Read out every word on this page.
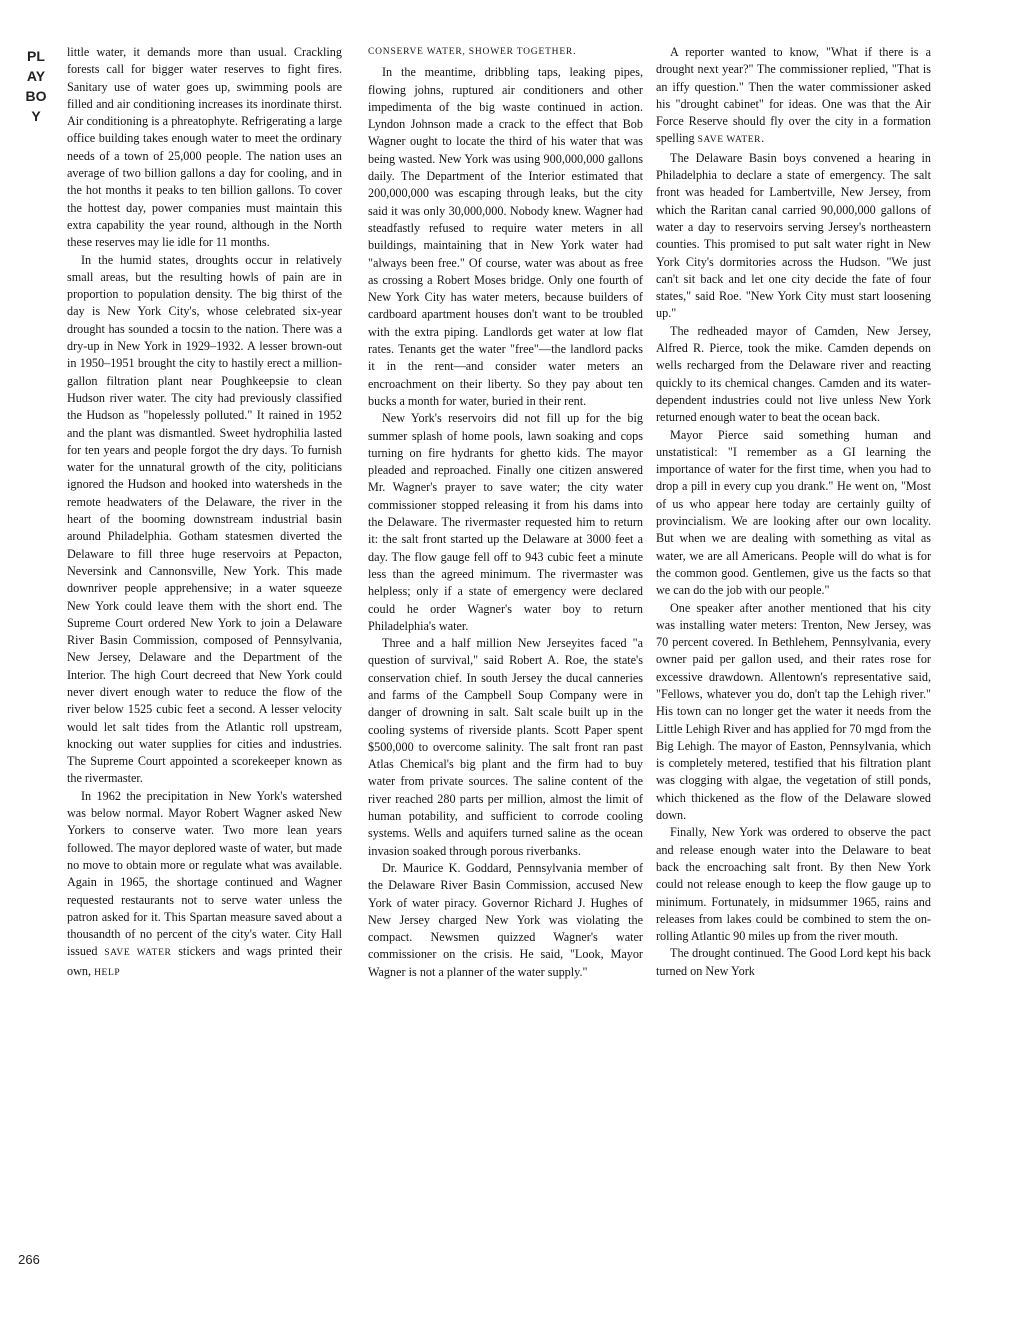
PLAYBOY
266

little water, it demands more than usual. Crackling forests call for bigger water reserves to fight fires. Sanitary use of water goes up, swimming pools are filled and air conditioning increases its inordinate thirst. Air conditioning is a phreatophyte. Refrigerating a large office building takes enough water to meet the ordinary needs of a town of 25,000 people. The nation uses an average of two billion gallons a day for cooling, and in the hot months it peaks to ten billion gallons. To cover the hottest day, power companies must maintain this extra capability the year round, although in the North these reserves may lie idle for 11 months.

In the humid states, droughts occur in relatively small areas, but the resulting howls of pain are in proportion to population density. The big thirst of the day is New York City's, whose celebrated six-year drought has sounded a tocsin to the nation. There was a dry-up in New York in 1929–1932. A lesser brown-out in 1950–1951 brought the city to hastily erect a million-gallon filtration plant near Poughkeepsie to clean Hudson river water. The city had previously classified the Hudson as "hopelessly polluted." It rained in 1952 and the plant was dismantled. Sweet hydrophilia lasted for ten years and people forgot the dry days. To furnish water for the unnatural growth of the city, politicians ignored the Hudson and hooked into watersheds in the remote headwaters of the Delaware, the river in the heart of the booming downstream industrial basin around Philadelphia. Gotham statesmen diverted the Delaware to fill three huge reservoirs at Pepacton, Neversink and Cannonsville, New York. This made downriver people apprehensive; in a water squeeze New York could leave them with the short end. The Supreme Court ordered New York to join a Delaware River Basin Commission, composed of Pennsylvania, New Jersey, Delaware and the Department of the Interior. The high Court decreed that New York could never divert enough water to reduce the flow of the river below 1525 cubic feet a second. A lesser velocity would let salt tides from the Atlantic roll upstream, knocking out water supplies for cities and industries. The Supreme Court appointed a scorekeeper known as the rivermaster.

In 1962 the precipitation in New York's watershed was below normal. Mayor Robert Wagner asked New Yorkers to conserve water. Two more lean years followed. The mayor deplored waste of water, but made no move to obtain more or regulate what was available. Again in 1965, the shortage continued and Wagner requested restaurants not to serve water unless the patron asked for it. This Spartan measure saved about a thousandth of no percent of the city's water. City Hall issued SAVE WATER stickers and wags printed their own, HELP

CONSERVE WATER, SHOWER TOGETHER.

In the meantime, dribbling taps, leaking pipes, flowing johns, ruptured air conditioners and other impedimenta of the big waste continued in action. Lyndon Johnson made a crack to the effect that Bob Wagner ought to locate the third of his water that was being wasted. New York was using 900,000,000 gallons daily. The Department of the Interior estimated that 200,000,000 was escaping through leaks, but the city said it was only 30,000,000. Nobody knew. Wagner had steadfastly refused to require water meters in all buildings, maintaining that in New York water had "always been free." Of course, water was about as free as crossing a Robert Moses bridge. Only one fourth of New York City has water meters, because builders of cardboard apartment houses don't want to be troubled with the extra piping. Landlords get water at low flat rates. Tenants get the water "free"—the landlord packs it in the rent—and consider water meters an encroachment on their liberty. So they pay about ten bucks a month for water, buried in their rent.

New York's reservoirs did not fill up for the big summer splash of home pools, lawn soaking and cops turning on fire hydrants for ghetto kids. The mayor pleaded and reproached. Finally one citizen answered Mr. Wagner's prayer to save water; the city water commissioner stopped releasing it from his dams into the Delaware. The rivermaster requested him to return it: the salt front started up the Delaware at 3000 feet a day. The flow gauge fell off to 943 cubic feet a minute less than the agreed minimum. The rivermaster was helpless; only if a state of emergency were declared could he order Wagner's water boy to return Philadelphia's water.

Three and a half million New Jerseyites faced "a question of survival," said Robert A. Roe, the state's conservation chief. In south Jersey the ducal canneries and farms of the Campbell Soup Company were in danger of drowning in salt. Salt scale built up in the cooling systems of riverside plants. Scott Paper spent $500,000 to overcome salinity. The salt front ran past Atlas Chemical's big plant and the firm had to buy water from private sources. The saline content of the river reached 280 parts per million, almost the limit of human potability, and sufficient to corrode cooling systems. Wells and aquifers turned saline as the ocean invasion soaked through porous riverbanks.

Dr. Maurice K. Goddard, Pennsylvania member of the Delaware River Basin Commission, accused New York of water piracy. Governor Richard J. Hughes of New Jersey charged New York was violating the compact. Newsmen quizzed Wagner's water commissioner on the crisis. He said, "Look, Mayor Wagner is not a planner of the water supply."

A reporter wanted to know, "What if there is a drought next year?" The commissioner replied, "That is an iffy question." Then the water commissioner asked his "drought cabinet" for ideas. One was that the Air Force Reserve should fly over the city in a formation spelling SAVE WATER.

The Delaware Basin boys convened a hearing in Philadelphia to declare a state of emergency. The salt front was headed for Lambertville, New Jersey, from which the Raritan canal carried 90,000,000 gallons of water a day to reservoirs serving Jersey's northeastern counties. This promised to put salt water right in New York City's dormitories across the Hudson. "We just can't sit back and let one city decide the fate of four states," said Roe. "New York City must start loosening up."

The redheaded mayor of Camden, New Jersey, Alfred R. Pierce, took the mike. Camden depends on wells recharged from the Delaware river and reacting quickly to its chemical changes. Camden and its water-dependent industries could not live unless New York returned enough water to beat the ocean back.

Mayor Pierce said something human and unstatistical: "I remember as a GI learning the importance of water for the first time, when you had to drop a pill in every cup you drank." He went on, "Most of us who appear here today are certainly guilty of provincialism. We are looking after our own locality. But when we are dealing with something as vital as water, we are all Americans. People will do what is for the common good. Gentlemen, give us the facts so that we can do the job with our people."

One speaker after another mentioned that his city was installing water meters: Trenton, New Jersey, was 70 percent covered. In Bethlehem, Pennsylvania, every owner paid per gallon used, and their rates rose for excessive drawdown. Allentown's representative said, "Fellows, whatever you do, don't tap the Lehigh river." His town can no longer get the water it needs from the Little Lehigh River and has applied for 70 mgd from the Big Lehigh. The mayor of Easton, Pennsylvania, which is completely metered, testified that his filtration plant was clogging with algae, the vegetation of still ponds, which thickened as the flow of the Delaware slowed down.

Finally, New York was ordered to observe the pact and release enough water into the Delaware to beat back the encroaching salt front. By then New York could not release enough to keep the flow gauge up to minimum. Fortunately, in midsummer 1965, rains and releases from lakes could be combined to stem the on-rolling Atlantic 90 miles up from the river mouth.

The drought continued. The Good Lord kept his back turned on New York
